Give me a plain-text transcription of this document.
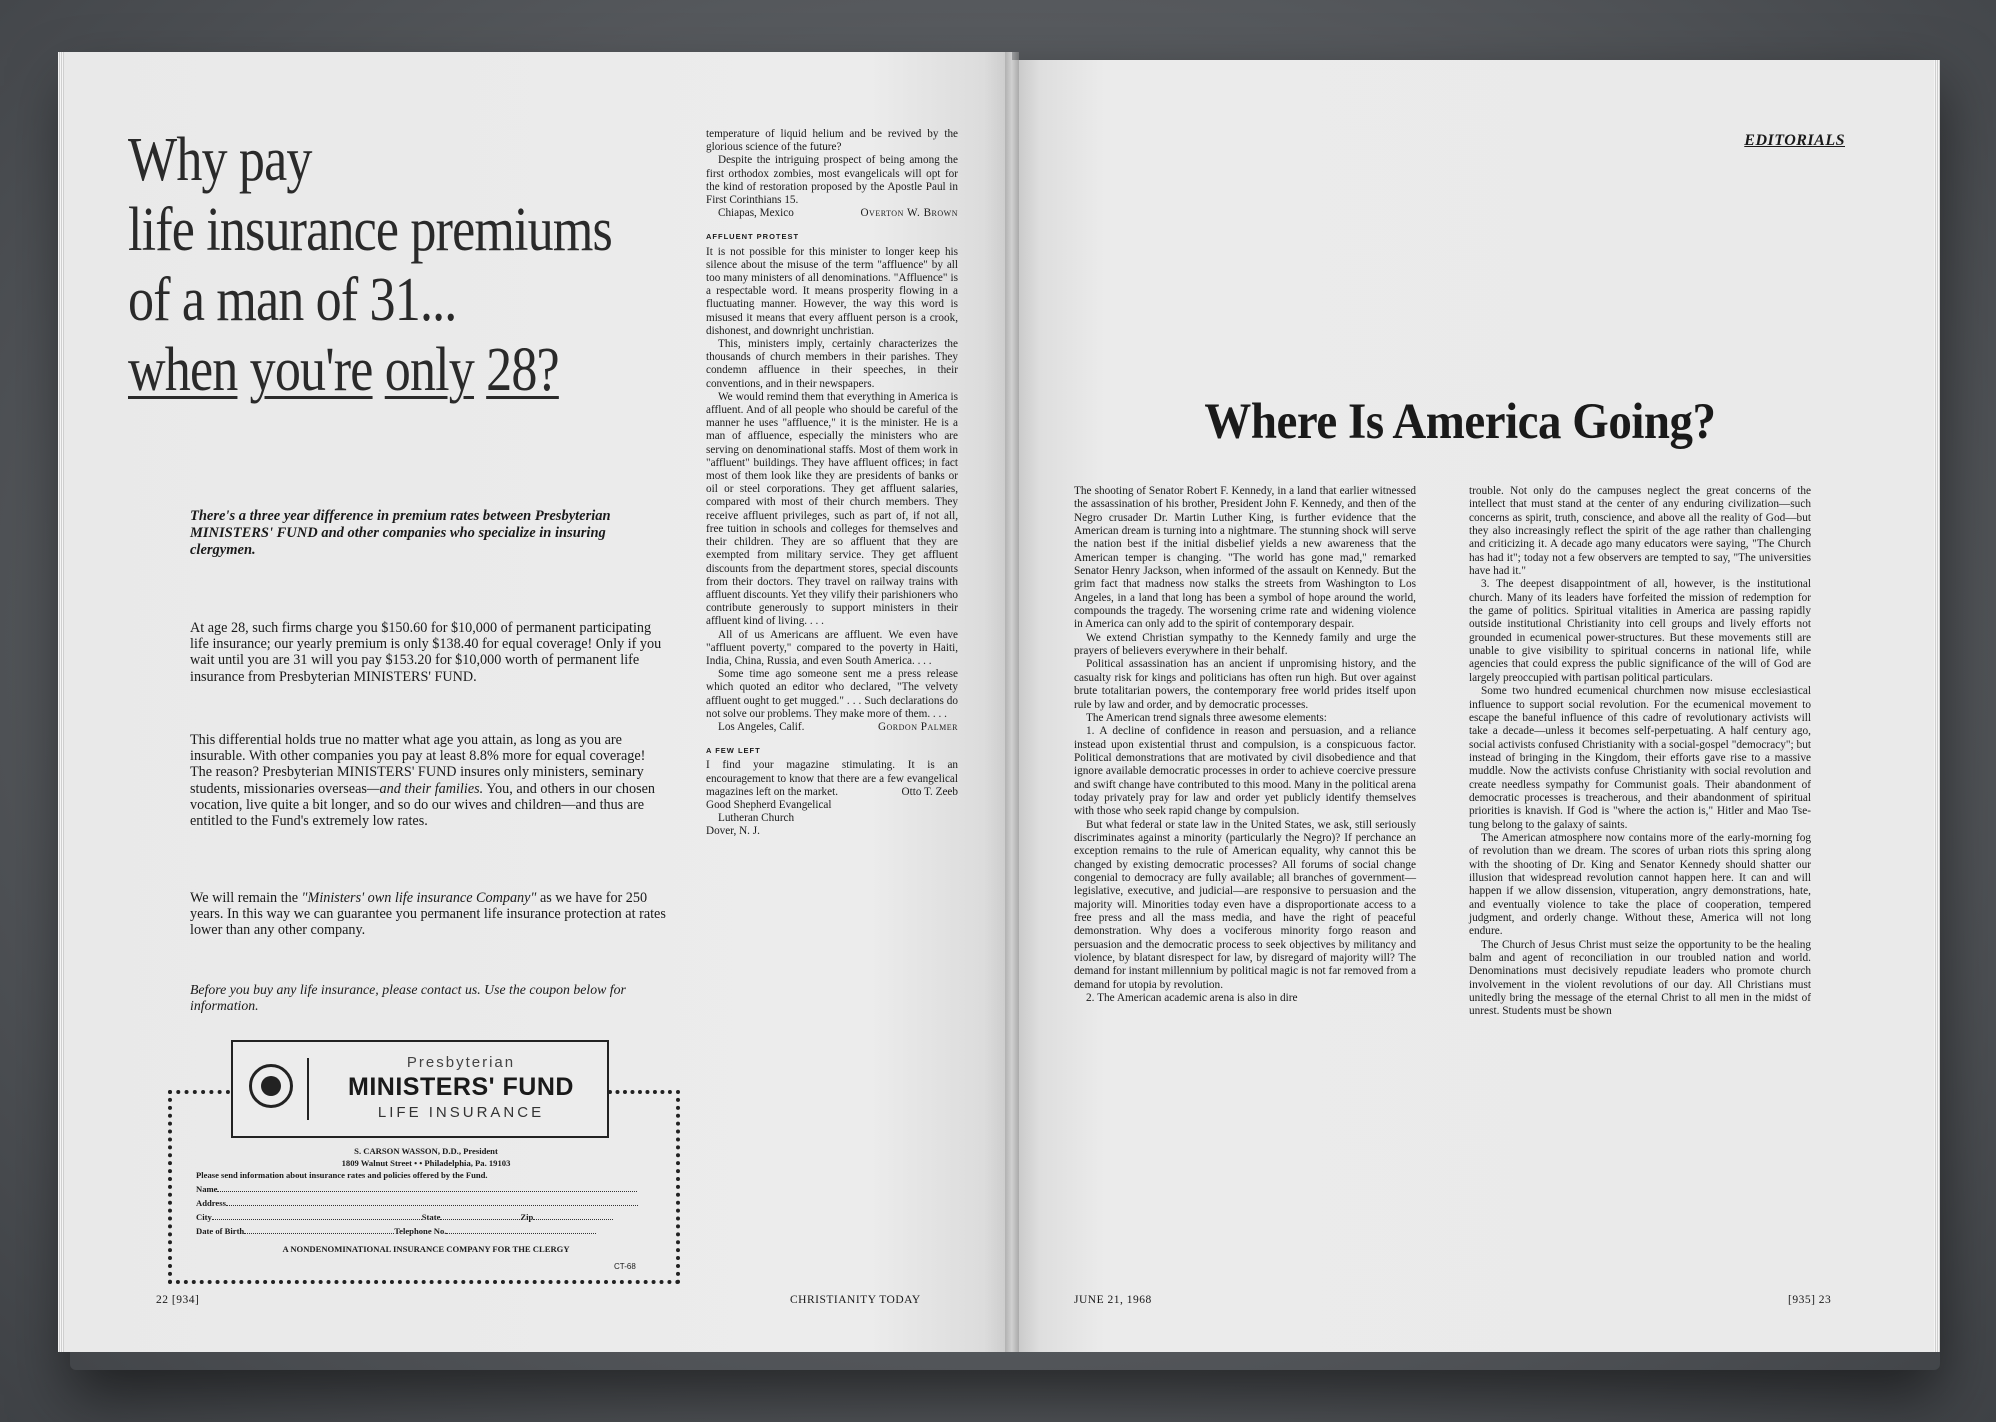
Why pay
life insurance premiums
of a man of 31...
when you're only 28?
There's a three year difference in premium rates between Presbyterian MINISTERS' FUND and other companies who specialize in insuring clergymen.
At age 28, such firms charge you $150.60 for $10,000 of permanent participating life insurance; our yearly premium is only $138.40 for equal coverage! Only if you wait until you are 31 will you pay $153.20 for $10,000 worth of permanent life insurance from Presbyterian MINISTERS' FUND.
This differential holds true no matter what age you attain, as long as you are insurable. With other companies you pay at least 8.8% more for equal coverage! The reason? Presbyterian MINISTERS' FUND insures only ministers, seminary students, missionaries overseas—and their families. You, and others in our chosen vocation, live quite a bit longer, and so do our wives and children—and thus are entitled to the Fund's extremely low rates.
We will remain the "Ministers' own life insurance Company" as we have for 250 years. In this way we can guarantee you permanent life insurance protection at rates lower than any other company.
Before you buy any life insurance, please contact us. Use the coupon below for information.
Presbyterian
MINISTERS' FUND
LIFE INSURANCE
S. CARSON WASSON, D.D., President
1809 Walnut Street • • Philadelphia, Pa. 19103
Please send information about insurance rates and policies offered by the Fund.
Name
Address
City	State	Zip
Date of Birth	Telephone No.
A NONDENOMINATIONAL INSURANCE COMPANY FOR THE CLERGY
CT-68
22 [934]	CHRISTIANITY TODAY

temperature of liquid helium and be revived by the glorious science of the future?

Despite the intriguing prospect of being among the first orthodox zombies, most evangelicals will opt for the kind of restoration proposed by the Apostle Paul in First Corinthians 15.

Chiapas, Mexico	Overton W. Brown

AFFLUENT PROTEST

It is not possible for this minister to longer keep his silence about the misuse of the term "affluence" by all too many ministers of all denominations. "Affluence" is a respectable word. It means prosperity flowing in a fluctuating manner. However, the way this word is misused it means that every affluent person is a crook, dishonest, and downright unchristian.

This, ministers imply, certainly characterizes the thousands of church members in their parishes. They condemn affluence in their speeches, in their conventions, and in their newspapers.

We would remind them that everything in America is affluent. And of all people who should be careful of the manner he uses "affluence," it is the minister. He is a man of affluence, especially the ministers who are serving on denominational staffs. Most of them work in "affluent" buildings. They have affluent offices; in fact most of them look like they are presidents of banks or oil or steel corporations. They get affluent salaries, compared with most of their church members. They receive affluent privileges, such as part of, if not all, free tuition in schools and colleges for themselves and their children. They are so affluent that they are exempted from military service. They get affluent discounts from the department stores, special discounts from their doctors. They travel on railway trains with affluent discounts. Yet they vilify their parishioners who contribute generously to support ministers in their affluent kind of living. . . .

All of us Americans are affluent. We even have "affluent poverty," compared to the poverty in Haiti, India, China, Russia, and even South America. . . .

Some time ago someone sent me a press release which quoted an editor who declared, "The velvety affluent ought to get mugged." . . . Such declarations do not solve our problems. They make more of them. . . .

Los Angeles, Calif.	Gordon Palmer

A FEW LEFT

I find your magazine stimulating. It is an encouragement to know that there are a few evangelical magazines left on the market.	Otto T. Zeeb

Good Shepherd Evangelical

Lutheran Church

Dover, N. J.

EDITORIALS
Where Is America Going?

The shooting of Senator Robert F. Kennedy, in a land that earlier witnessed the assassination of his brother, President John F. Kennedy, and then of the Negro crusader Dr. Martin Luther King, is further evidence that the American dream is turning into a nightmare. The stunning shock will serve the nation best if the initial disbelief yields a new awareness that the American temper is changing. "The world has gone mad," remarked Senator Henry Jackson, when informed of the assault on Kennedy. But the grim fact that madness now stalks the streets from Washington to Los Angeles, in a land that long has been a symbol of hope around the world, compounds the tragedy. The worsening crime rate and widening violence in America can only add to the spirit of contemporary despair.

We extend Christian sympathy to the Kennedy family and urge the prayers of believers everywhere in their behalf.

Political assassination has an ancient if unpromising history, and the casualty risk for kings and politicians has often run high. But over against brute totalitarian powers, the contemporary free world prides itself upon rule by law and order, and by democratic processes.

The American trend signals three awesome elements:

1. A decline of confidence in reason and persuasion, and a reliance instead upon existential thrust and compulsion, is a conspicuous factor. Political demonstrations that are motivated by civil disobedience and that ignore available democratic processes in order to achieve coercive pressure and swift change have contributed to this mood. Many in the political arena today privately pray for law and order yet publicly identify themselves with those who seek rapid change by compulsion.

But what federal or state law in the United States, we ask, still seriously discriminates against a minority (particularly the Negro)? If perchance an exception remains to the rule of American equality, why cannot this be changed by existing democratic processes? All forums of social change congenial to democracy are fully available; all branches of government—legislative, executive, and judicial—are responsive to persuasion and the majority will. Minorities today even have a disproportionate access to a free press and all the mass media, and have the right of peaceful demonstration. Why does a vociferous minority forgo reason and persuasion and the democratic process to seek objectives by militancy and violence, by blatant disrespect for law, by disregard of majority will? The demand for instant millennium by political magic is not far removed from a demand for utopia by revolution.

2. The American academic arena is also in dire

trouble. Not only do the campuses neglect the great concerns of the intellect that must stand at the center of any enduring civilization—such concerns as spirit, truth, conscience, and above all the reality of God—but they also increasingly reflect the spirit of the age rather than challenging and criticizing it. A decade ago many educators were saying, "The Church has had it"; today not a few observers are tempted to say, "The universities have had it."

3. The deepest disappointment of all, however, is the institutional church. Many of its leaders have forfeited the mission of redemption for the game of politics. Spiritual vitalities in America are passing rapidly outside institutional Christianity into cell groups and lively efforts not grounded in ecumenical power-structures. But these movements still are unable to give visibility to spiritual concerns in national life, while agencies that could express the public significance of the will of God are largely preoccupied with partisan political particulars.

Some two hundred ecumenical churchmen now misuse ecclesiastical influence to support social revolution. For the ecumenical movement to escape the baneful influence of this cadre of revolutionary activists will take a decade—unless it becomes self-perpetuating. A half century ago, social activists confused Christianity with a social-gospel "democracy"; but instead of bringing in the Kingdom, their efforts gave rise to a massive muddle. Now the activists confuse Christianity with social revolution and create needless sympathy for Communist goals. Their abandonment of democratic processes is treacherous, and their abandonment of spiritual priorities is knavish. If God is "where the action is," Hitler and Mao Tse-tung belong to the galaxy of saints.

The American atmosphere now contains more of the early-morning fog of revolution than we dream. The scores of urban riots this spring along with the shooting of Dr. King and Senator Kennedy should shatter our illusion that widespread revolution cannot happen here. It can and will happen if we allow dissension, vituperation, angry demonstrations, hate, and eventually violence to take the place of cooperation, tempered judgment, and orderly change. Without these, America will not long endure.

The Church of Jesus Christ must seize the opportunity to be the healing balm and agent of reconciliation in our troubled nation and world. Denominations must decisively repudiate leaders who promote church involvement in the violent revolutions of our day. All Christians must unitedly bring the message of the eternal Christ to all men in the midst of unrest. Students must be shown

JUNE 21, 1968	[935] 23
